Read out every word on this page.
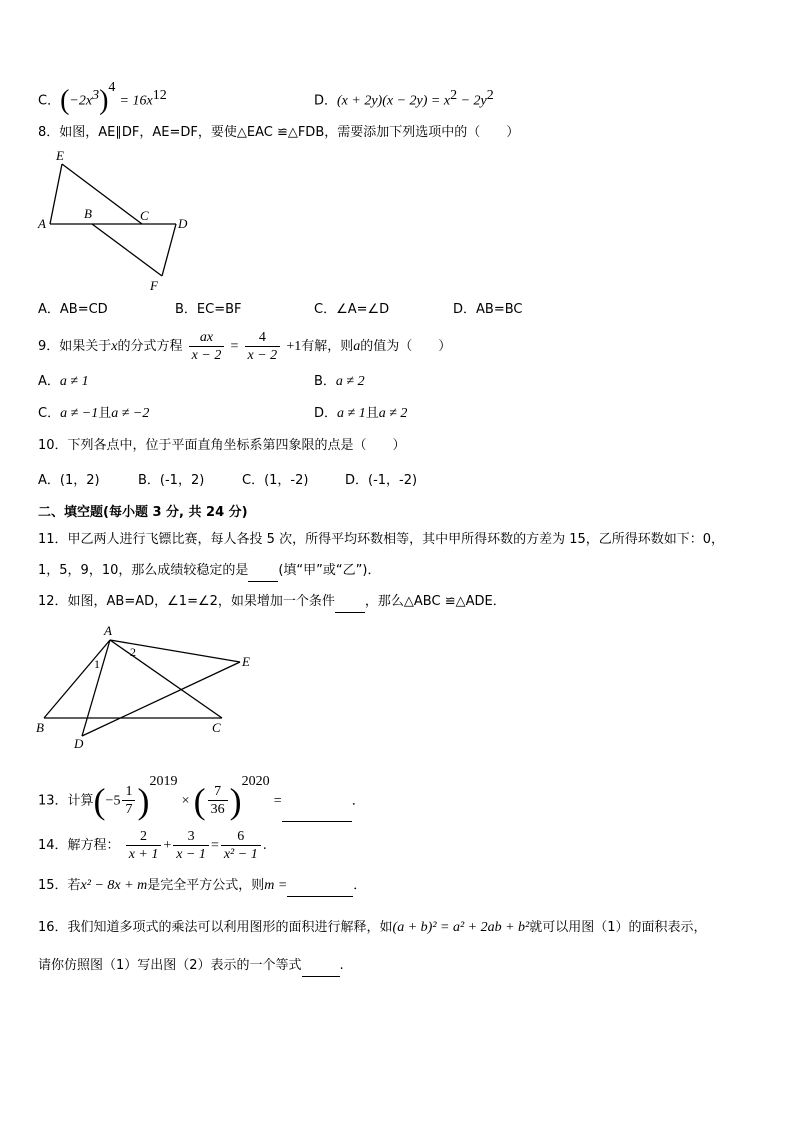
C．$(-2x^3)^4 = 16x^{12}$	D．$(x + 2y)(x - 2y) = x^2 - 2y^2$
8．如图，AE∥DF，AE=DF，要使△EAC ≌△FDB，需要添加下列选项中的（　　）
E
A
B	C
D
F
A．AB=CD	B．EC=BF	C．∠A=∠D	D．AB=BC
9．如果关于x的分式方程 $\frac{ax}{x - 2} = \frac{4}{x - 2} +1$有解，则a的值为（　　）
A．a ≠ 1	B．a ≠ 2
C．a ≠ −1且a ≠ −2	D．a ≠ 1且a ≠ 2
10．下列各点中，位于平面直角坐标系第四象限的点是（　　）
A．(1，2)	B．(-1，2)	C．(1，-2)	D．(-1，-2)
二、填空题(每小题 3 分, 共 24 分)
11．甲乙两人进行飞镖比赛，每人各投 5 次，所得平均环数相等，其中甲所得环数的方差为 15，乙所得环数如下：0，
1，5，9，10，那么成绩较稳定的是 (填“甲”或“乙”)．
12．如图，AB=AD，∠1=∠2，如果增加一个条件 ，那么△ABC ≌△ADE．
A
B	C
D
E
1
2
13．计算$(-5 \frac{1}{7} )^{2019}$ × ( $\frac{7}{36} )^{2020}$ =	．
14．解方程： $\frac{2}{x + 1} + \frac{3}{x - 1} = \frac{6}{\text{x² − 1}}$ .
15．若x² − 8x + m是完全平方公式，则m =	．
16．我们知道多项式的乘法可以利用图形的面积进行解释，如(a + b)² = a² + 2ab + b²就可以用图（1）的面积表示，
请你仿照图（1）写出图（2）表示的一个等式	.
